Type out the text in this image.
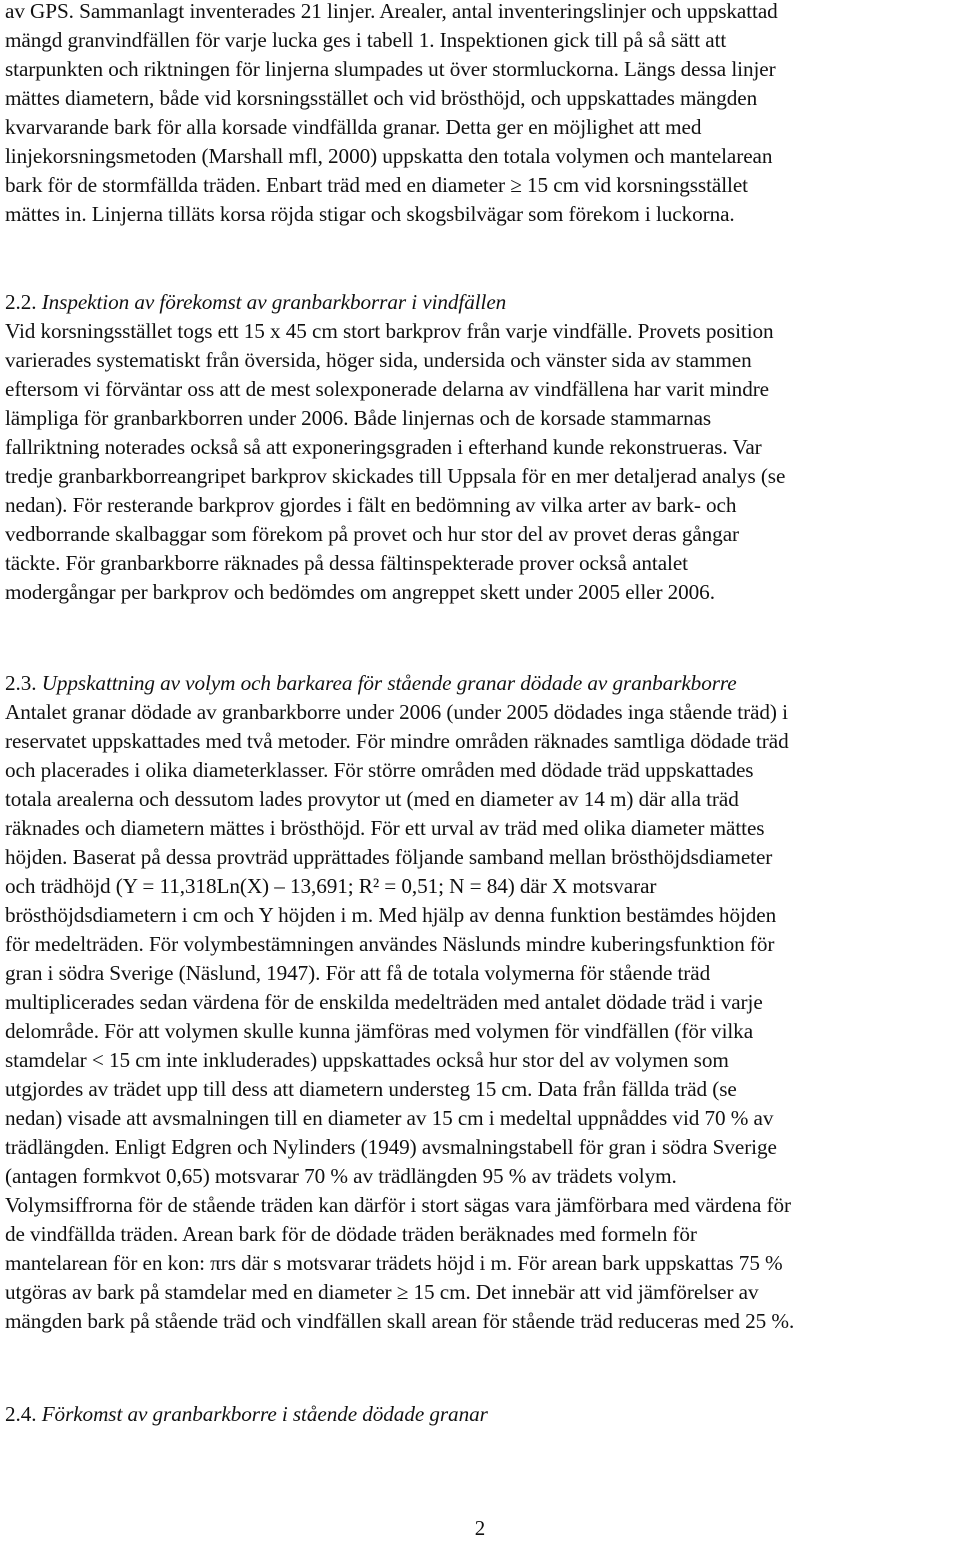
av GPS. Sammanlagt inventerades 21 linjer. Arealer, antal inventeringslinjer och uppskattad
mängd granvindfällen för varje lucka ges i tabell 1. Inspektionen gick till på så sätt att
starpunkten och riktningen för linjerna slumpades ut över stormluckorna. Längs dessa linjer
mättes diametern, både vid korsningsstället och vid brösthöjd, och uppskattades mängden
kvarvarande bark för alla korsade vindfällda granar. Detta ger en möjlighet att med
linjekorsningsmetoden (Marshall mfl, 2000) uppskatta den totala volymen och mantelarean
bark för de stormfällda träden. Enbart träd med en diameter ≥ 15 cm vid korsningsstället
mättes in. Linjerna tilläts korsa röjda stigar och skogsbilvägar som förekom i luckorna.
2.2. Inspektion av förekomst av granbarkborrar i vindfällen
Vid korsningsstället togs ett 15 x 45 cm stort barkprov från varje vindfälle. Provets position
varierades systematiskt från översida, höger sida, undersida och vänster sida av stammen
eftersom vi förväntar oss att de mest solexponerade delarna av vindfällena har varit mindre
lämpliga för granbarkborren under 2006. Både linjernas och de korsade stammarnas
fallriktning noterades också så att exponeringsgraden i efterhand kunde rekonstrueras. Var
tredje granbarkborreangripet barkprov skickades till Uppsala för en mer detaljerad analys (se
nedan). För resterande barkprov gjordes i fält en bedömning av vilka arter av bark- och
vedborrande skalbaggar som förekom på provet och hur stor del av provet deras gångar
täckte. För granbarkborre räknades på dessa fältinspekterade prover också antalet
modergångar per barkprov och bedömdes om angreppet skett under 2005 eller 2006.
2.3. Uppskattning av volym och barkarea för stående granar dödade av granbarkborre
Antalet granar dödade av granbarkborre under 2006 (under 2005 dödades inga stående träd) i
reservatet uppskattades med två metoder. För mindre områden räknades samtliga dödade träd
och placerades i olika diameterklasser. För större områden med dödade träd uppskattades
totala arealerna och dessutom lades provytor ut (med en diameter av 14 m) där alla träd
räknades och diametern mättes i brösthöjd. För ett urval av träd med olika diameter mättes
höjden. Baserat på dessa provträd upprättades följande samband mellan brösthöjdsdiameter
och trädhöjd (Y = 11,318Ln(X) – 13,691; R² = 0,51; N = 84) där X motsvarar
brösthöjdsdiametern i cm och Y höjden i m. Med hjälp av denna funktion bestämdes höjden
för medelträden. För volymbestämningen användes Näslunds mindre kuberingsfunktion för
gran i södra Sverige (Näslund, 1947). För att få de totala volymerna för stående träd
multiplicerades sedan värdena för de enskilda medelträden med antalet dödade träd i varje
delområde. För att volymen skulle kunna jämföras med volymen för vindfällen (för vilka
stamdelar < 15 cm inte inkluderades) uppskattades också hur stor del av volymen som
utgjordes av trädet upp till dess att diametern understeg 15 cm. Data från fällda träd (se
nedan) visade att avsmalningen till en diameter av 15 cm i medeltal uppnåddes vid 70 % av
trädlängden. Enligt Edgren och Nylinders (1949) avsmalningstabell för gran i södra Sverige
(antagen formkvot 0,65) motsvarar 70 % av trädlängden 95 % av trädets volym.
Volymsiffrorna för de stående träden kan därför i stort sägas vara jämförbara med värdena för
de vindfällda träden. Arean bark för de dödade träden beräknades med formeln för
mantelarean för en kon: πrs där s motsvarar trädets höjd i m. För arean bark uppskattas 75 %
utgöras av bark på stamdelar med en diameter ≥ 15 cm. Det innebär att vid jämförelser av
mängden bark på stående träd och vindfällen skall arean för stående träd reduceras med 25 %.
2.4. Förkomst av granbarkborre i stående dödade granar
2
